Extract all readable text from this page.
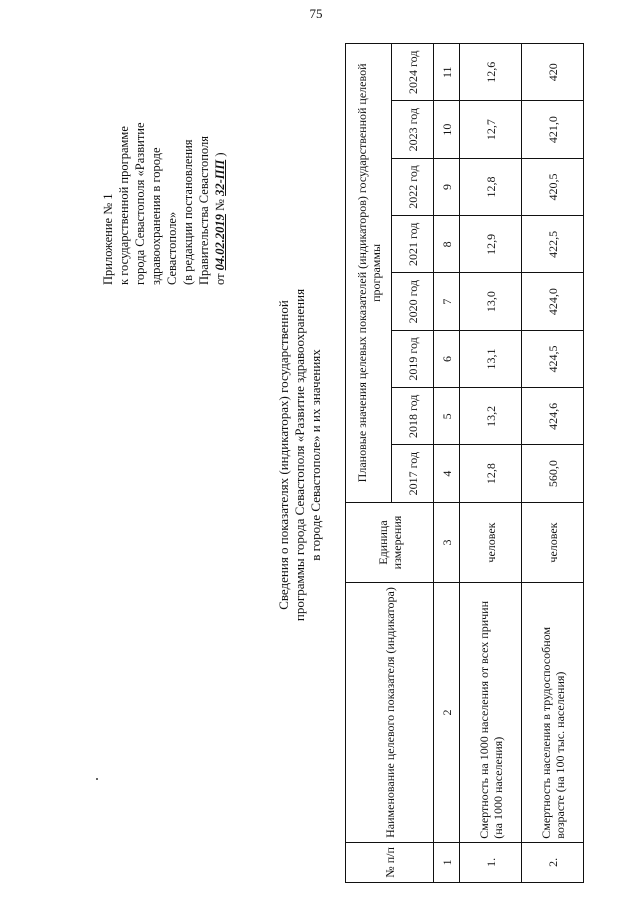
75
Приложение № 1 к государственной программе города Севастополя «Развитие здравоохранения в городе Севастополе» (в редакции постановления Правительства Севастополя от 04.02.2019 № 32-ПП )
Сведения о показателях (индикаторах) государственной программы города Севастополя «Развитие здравоохранения в городе Севастополе» и их значениях
№ п/п	Наименование целевого показателя (индикатора)	Единица измерения	Плановые значения целевых показателей (индикаторов) государственной целевой программы							
			2017 год	2018 год	2019 год	2020 год	2021 год	2022 год	2023 год	2024 год
1	2	3	4	5	6	7	8	9	10	11
1.	Смертность на 1000 населения от всех причин (на 1000 населения)	человек	12,8	13,2	13,1	13,0	12,9	12,8	12,7	12,6
2.	Смертность населения в трудоспособном возрасте (на 100 тыс. населения)	человек	560,0	424,6	424,5	424,0	422,5	420,5	421,0	420
